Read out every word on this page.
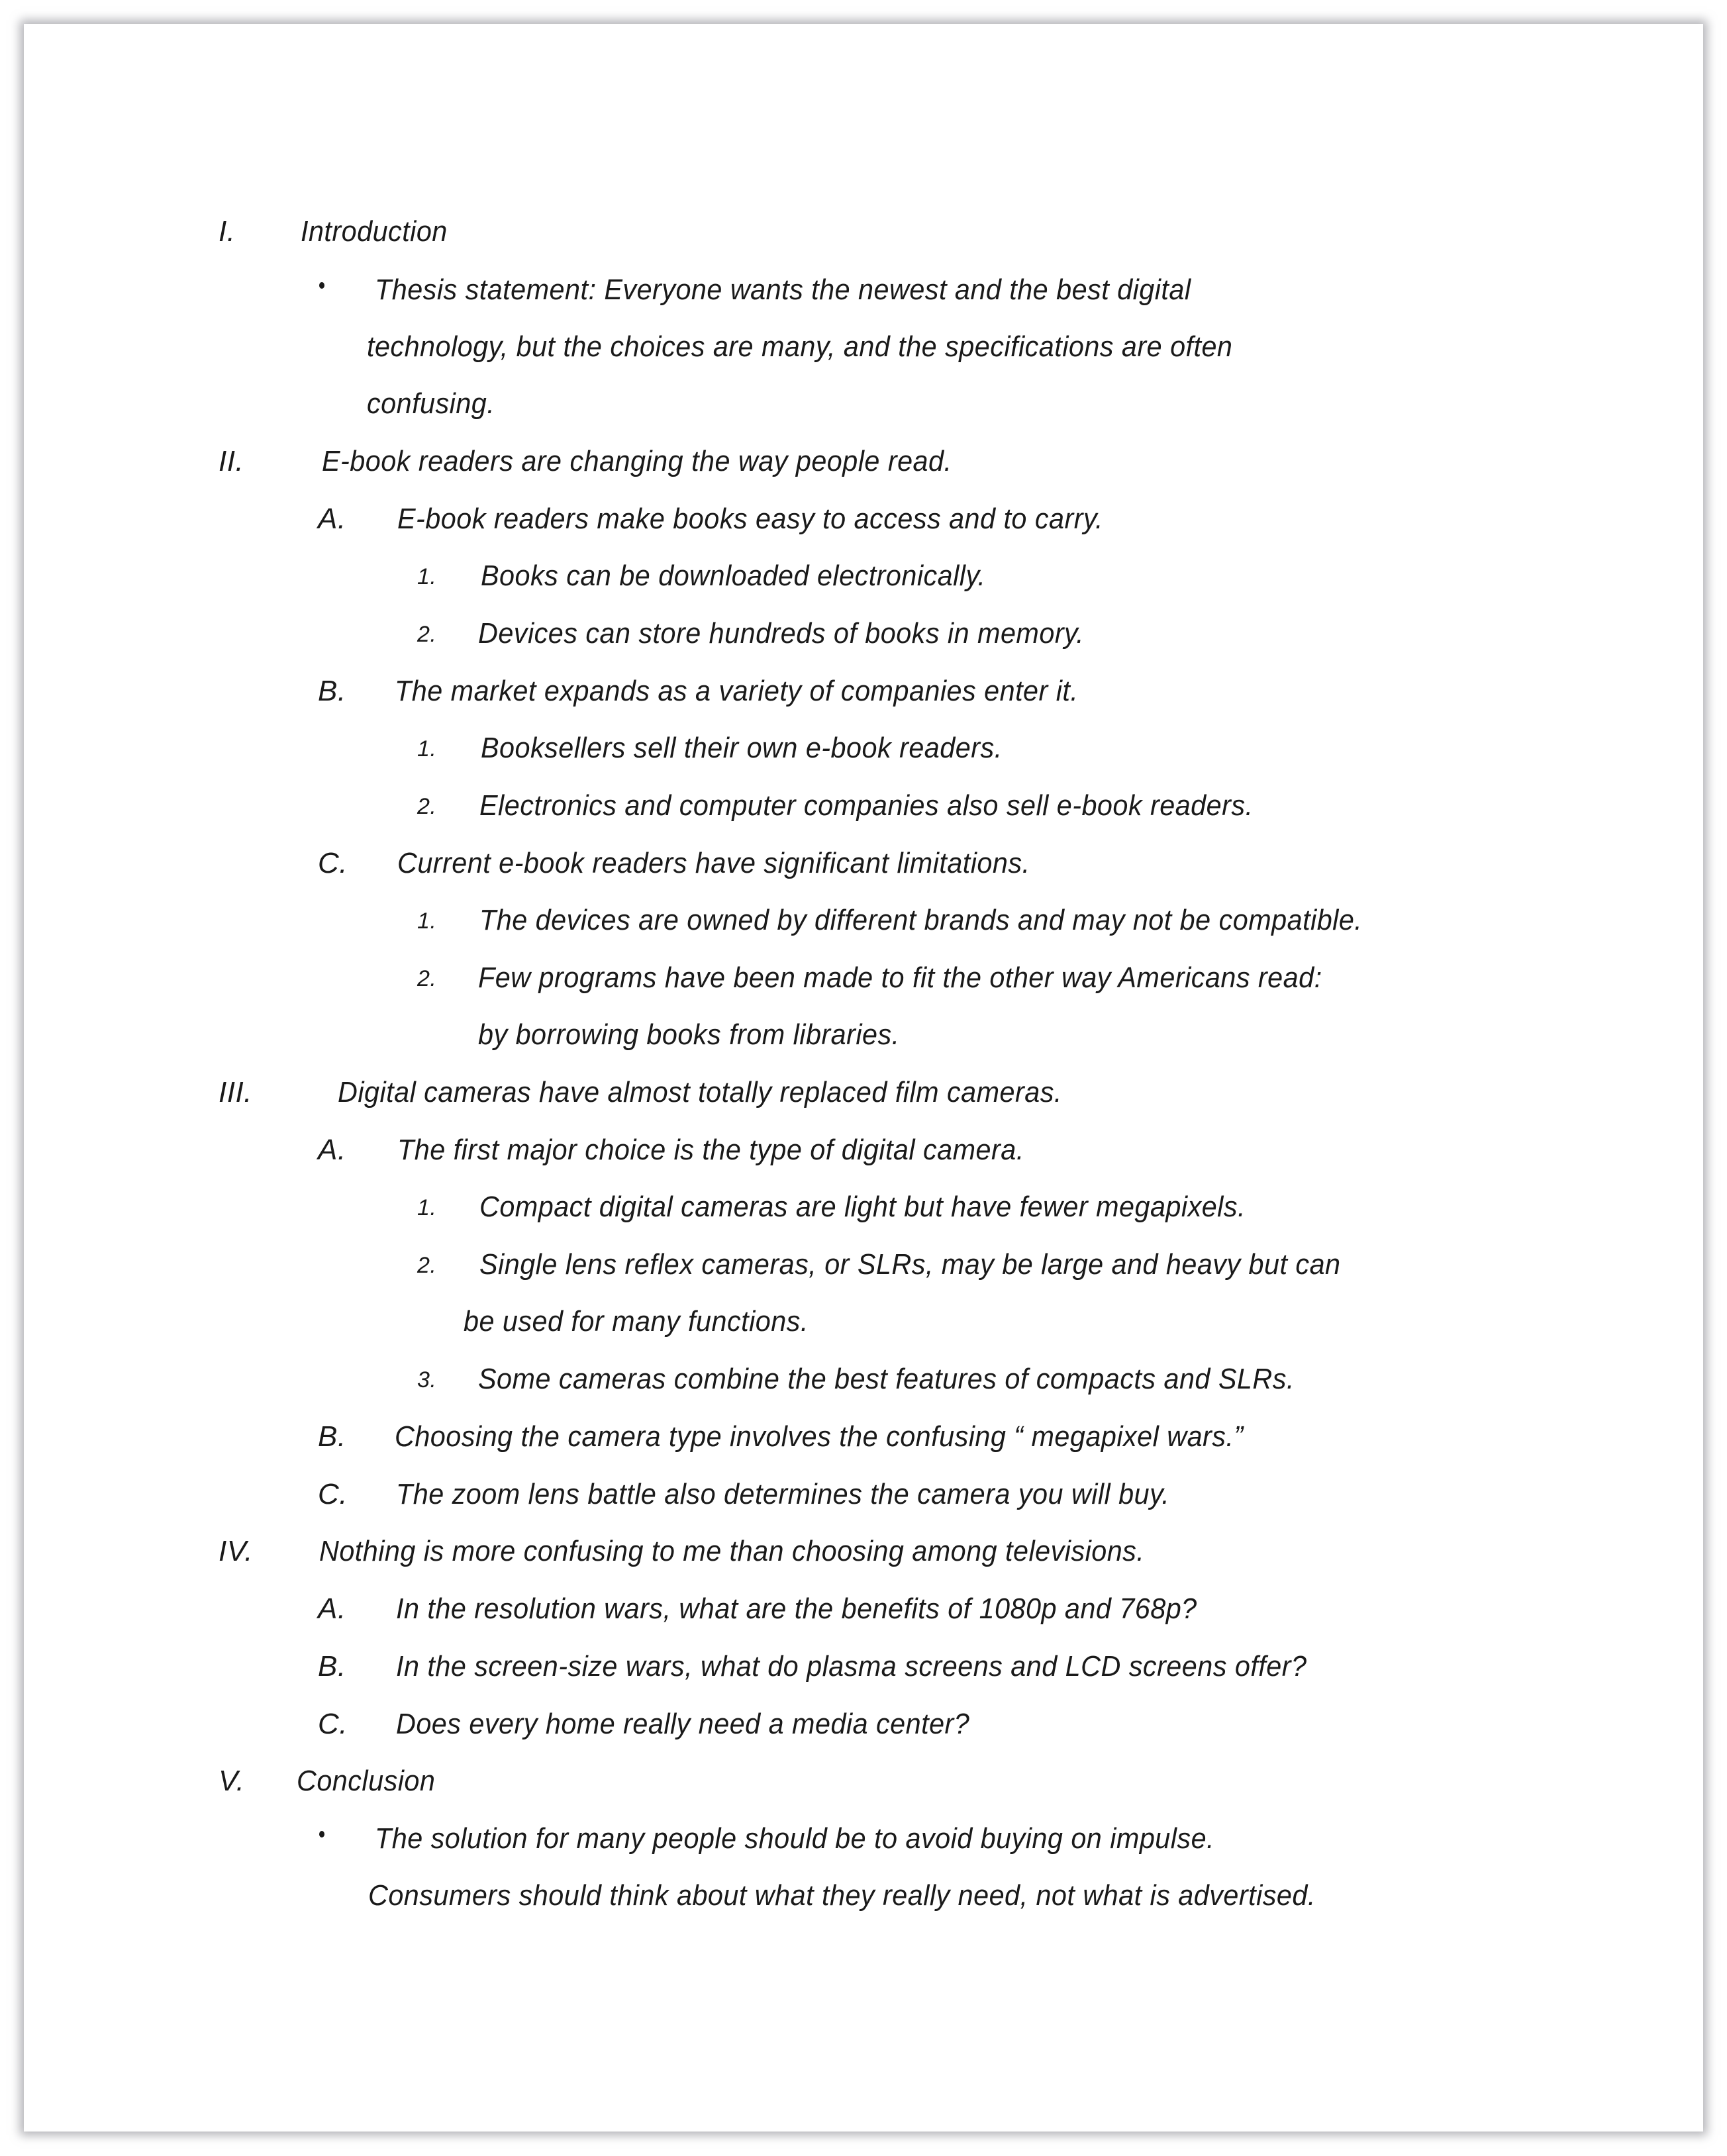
I. Introduction
Thesis statement: Everyone wants the newest and the best digital
technology, but the choices are many, and the specifications are often
confusing.
II.	E-book readers are changing the way people read.
A. E-book readers make books easy to access and to carry.
1. Books can be downloaded electronically.
2. Devices can store hundreds of books in memory.
B. The market expands as a variety of companies enter it.
1. Booksellers sell their own e-book readers.
2. Electronics and computer companies also sell e-book readers.
C. Current e-book readers have significant limitations.
1. The devices are owned by different brands and may not be compatible.
2. Few programs have been made to fit the other way Americans read:
by borrowing books from libraries.
III.	Digital cameras have almost totally replaced film cameras.
A. The first major choice is the type of digital camera.
1. Compact digital cameras are light but have fewer megapixels.
2. Single lens reflex cameras, or SLRs, may be large and heavy but can
be used for many functions.
3. Some cameras combine the best features of compacts and SLRs.
B. Choosing the camera type involves the confusing “ megapixel wars.”
C. The zoom lens battle also determines the camera you will buy.
IV. Nothing is more confusing to me than choosing among televisions.
A. In the resolution wars, what are the benefits of 1080p and 768p?
B. In the screen-size wars, what do plasma screens and LCD screens offer?
C. Does every home really need a media center?
V. Conclusion
The solution for many people should be to avoid buying on impulse.
Consumers should think about what they really need, not what is advertised.
